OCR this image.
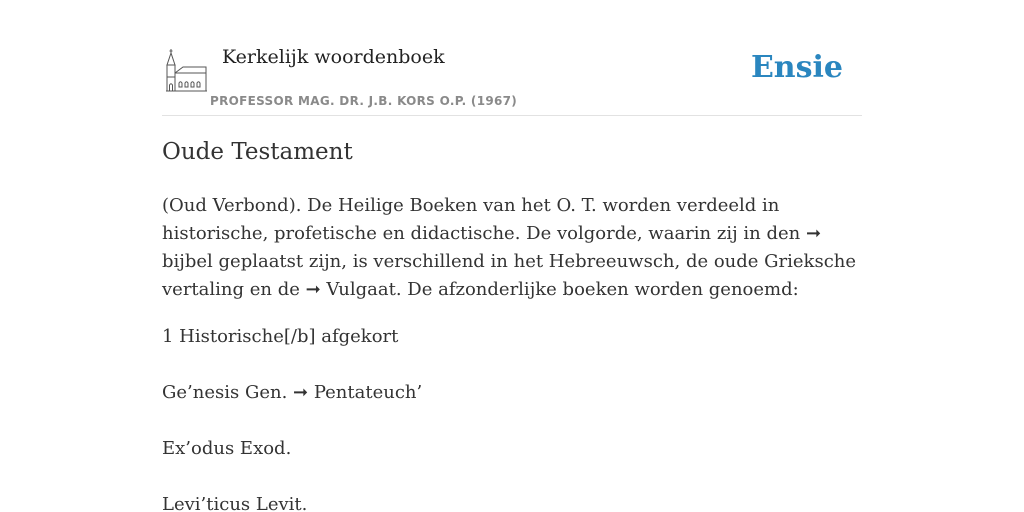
Kerkelijk woordenboek
PROFESSOR MAG. DR. J.B. KORS O.P. (1967)
Ensie
Oude Testament

(Oud Verbond). De Heilige Boeken van het O. T. worden verdeeld in historische, profetische en didactische. De volgorde, waarin zij in den ➞ bijbel geplaatst zijn, is verschillend in het Hebreeuwsch, de oude Grieksche vertaling en de ➞ Vulgaat. De afzonderlijke boeken worden genoemd:

1 Historische[/b] afgekort
Ge’nesis Gen. ➞ Pentateuch’
Ex’odus Exod.
Levi’ticus Levit.
